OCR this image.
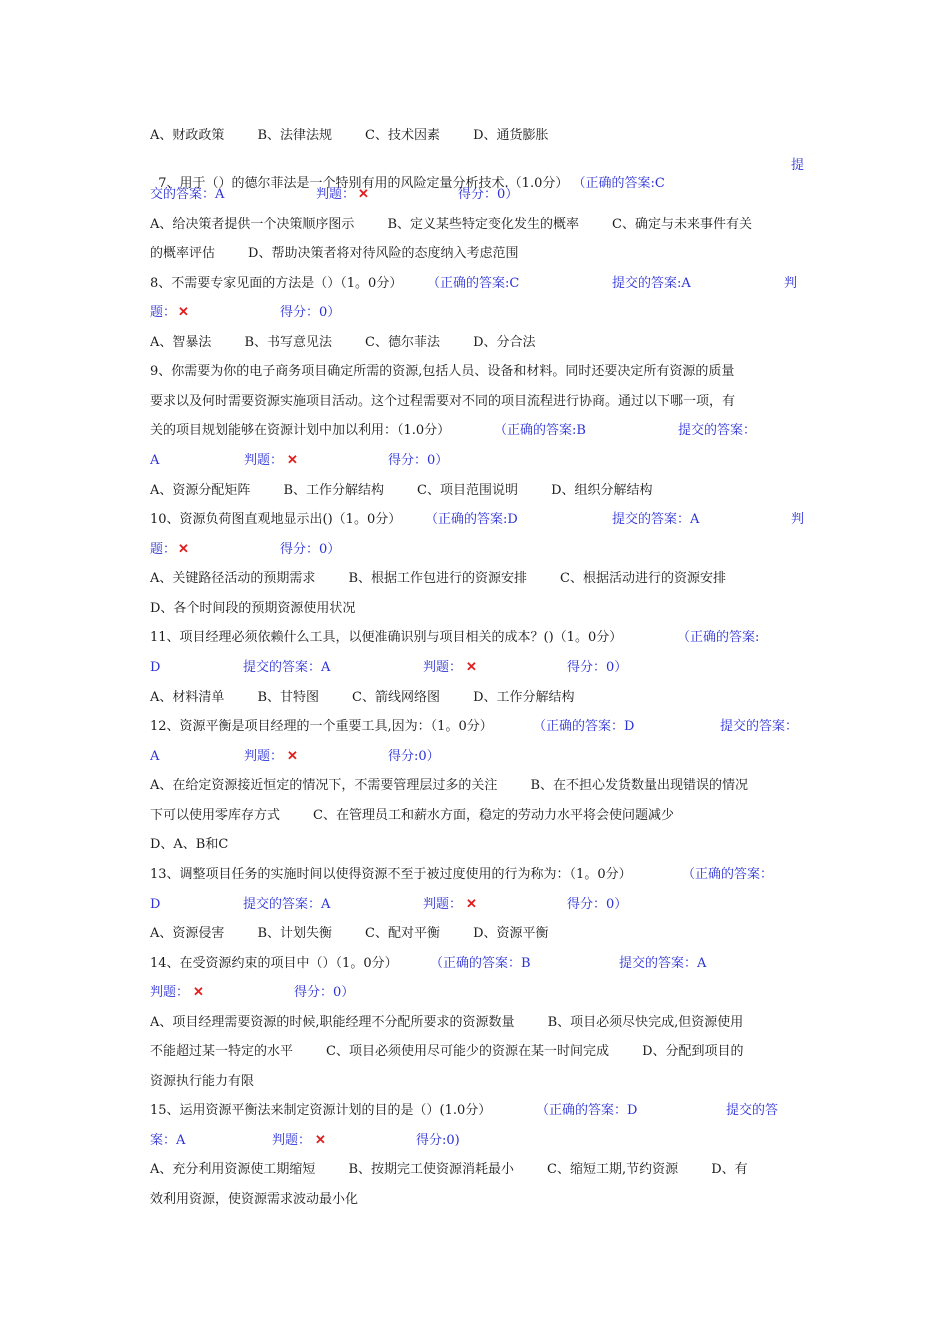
A、财政政策        B、法律法规        C、技术因素        D、通货膨胀

7、用于（）的德尔菲法是一个特别有用的风险定量分析技术.（1.0分） （正确的答案:C

提

交的答案：A

	判题：

✕

	得分：0）

A、给决策者提供一个决策顺序图示        B、定义某些特定变化发生的概率        C、确定与未来事件有关
的概率评估        D、帮助决策者将对待风险的态度纳入考虑范围

8、不需要专家见面的方法是（）（1。0分）

（正确的答案:C

	提交的答案:A

	判

题：

✕

	得分：0）

A、智暴法        B、书写意见法        C、德尔菲法        D、分合法
9、你需要为你的电子商务项目确定所需的资源,包括人员、设备和材料。同时还要决定所有资源的质量
要求以及何时需要资源实施项目活动。这个过程需要对不同的项目流程进行协商。通过以下哪一项，有

关的项目规划能够在资源计划中加以利用：（1.0分）

	（正确的答案:B

	提交的答案：

A

	判题：

✕

	得分：0）

A、资源分配矩阵        B、工作分解结构        C、项目范围说明        D、组织分解结构

10、资源负荷图直观地显示出()（1。0分）

（正确的答案:D

	提交的答案：A

	判

题：

✕

	得分：0）

A、关键路径活动的预期需求        B、根据工作包进行的资源安排        C、根据活动进行的资源安排
D、各个时间段的预期资源使用状况

11、项目经理必须依赖什么工具，以便准确识别与项目相关的成本？()（1。0分）

	（正确的答案:

D

	提交的答案：A

	判题：

✕

	得分：0）

A、材料清单        B、甘特图        C、箭线网络图        D、工作分解结构

12、资源平衡是项目经理的一个重要工具,因为：（1。0分）

	（正确的答案：D

	提交的答案：

A

	判题：

✕

	得分:0）

A、在给定资源接近恒定的情况下，不需要管理层过多的关注        B、在不担心发货数量出现错误的情况
下可以使用零库存方式        C、在管理员工和薪水方面，稳定的劳动力水平将会使问题减少
D、A、B和C

13、调整项目任务的实施时间以使得资源不至于被过度使用的行为称为：（1。0分）

	（正确的答案：

D

	提交的答案：A

	判题：

✕

	得分：0）

A、资源侵害        B、计划失衡        C、配对平衡        D、资源平衡

14、在受资源约束的项目中（）（1。0分）

（正确的答案：B

	提交的答案：A

判题：

✕

	得分：0）

A、项目经理需要资源的时候,职能经理不分配所要求的资源数量        B、项目必须尽快完成,但资源使用
不能超过某一特定的水平        C、项目必须使用尽可能少的资源在某一时间完成        D、分配到项目的
资源执行能力有限

15、运用资源平衡法来制定资源计划的目的是（）(1.0分）

	（正确的答案：D

	提交的答

案：A

	判题：

✕

	得分:0)

A、充分利用资源使工期缩短        B、按期完工使资源消耗最小        C、缩短工期,节约资源        D、有
效利用资源，使资源需求波动最小化
